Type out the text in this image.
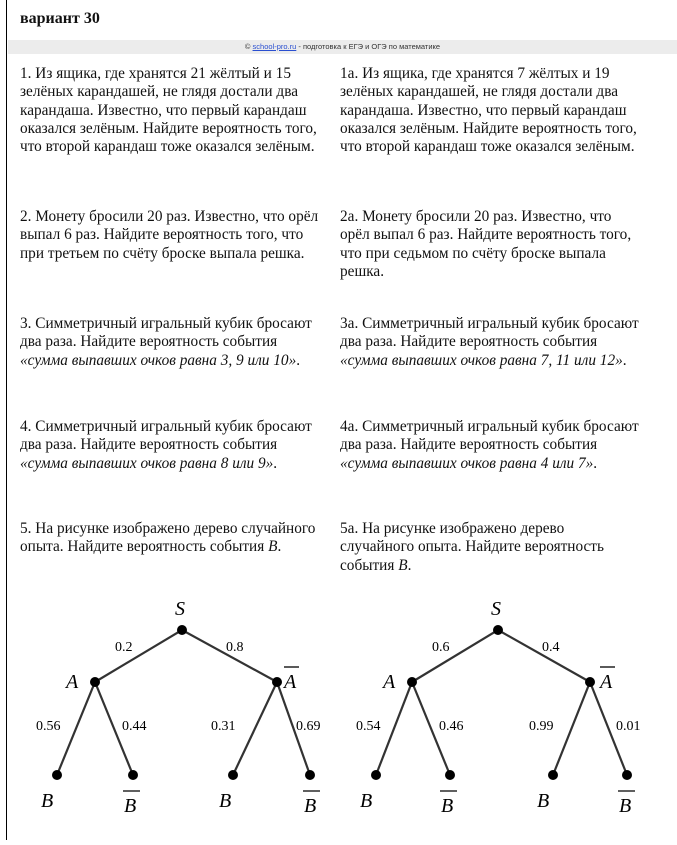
вариант 30
© school-pro.ru - подготовка к ЕГЭ и ОГЭ по математике
1. Из ящика, где хранятся 21 жёлтый и 15 зелёных карандашей, не глядя достали два карандаша. Известно, что первый карандаш оказался зелёным. Найдите вероятность того, что второй карандаш тоже оказался зелёным.
1а. Из ящика, где хранятся 7 жёлтых и 19 зелёных карандашей, не глядя достали два карандаша. Известно, что первый карандаш оказался зелёным. Найдите вероятность того, что второй карандаш тоже оказался зелёным.
2. Монету бросили 20 раз. Известно, что орёл выпал 6 раз. Найдите вероятность того, что при третьем по счёту броске выпала решка.
2а. Монету бросили 20 раз. Известно, что орёл выпал 6 раз. Найдите вероятность того, что при седьмом по счёту броске выпала решка.
3. Симметричный игральный кубик бросают два раза. Найдите вероятность события «сумма выпавших очков равна 3, 9 или 10».
3а. Симметричный игральный кубик бросают два раза. Найдите вероятность события «сумма выпавших очков равна 7, 11 или 12».
4. Симметричный игральный кубик бросают два раза. Найдите вероятность события «сумма выпавших очков равна 8 или 9».
4а. Симметричный игральный кубик бросают два раза. Найдите вероятность события «сумма выпавших очков равна 4 или 7».
5. На рисунке изображено дерево случайного опыта. Найдите вероятность события B.
5а. На рисунке изображено дерево случайного опыта. Найдите вероятность события B.
S
0.2	0.8
A	A
0.56	0.44	0.31	0.69
B	B	B	B
S
0.6	0.4
A	A
0.54	0.46	0.99	0.01
B	B	B	B
